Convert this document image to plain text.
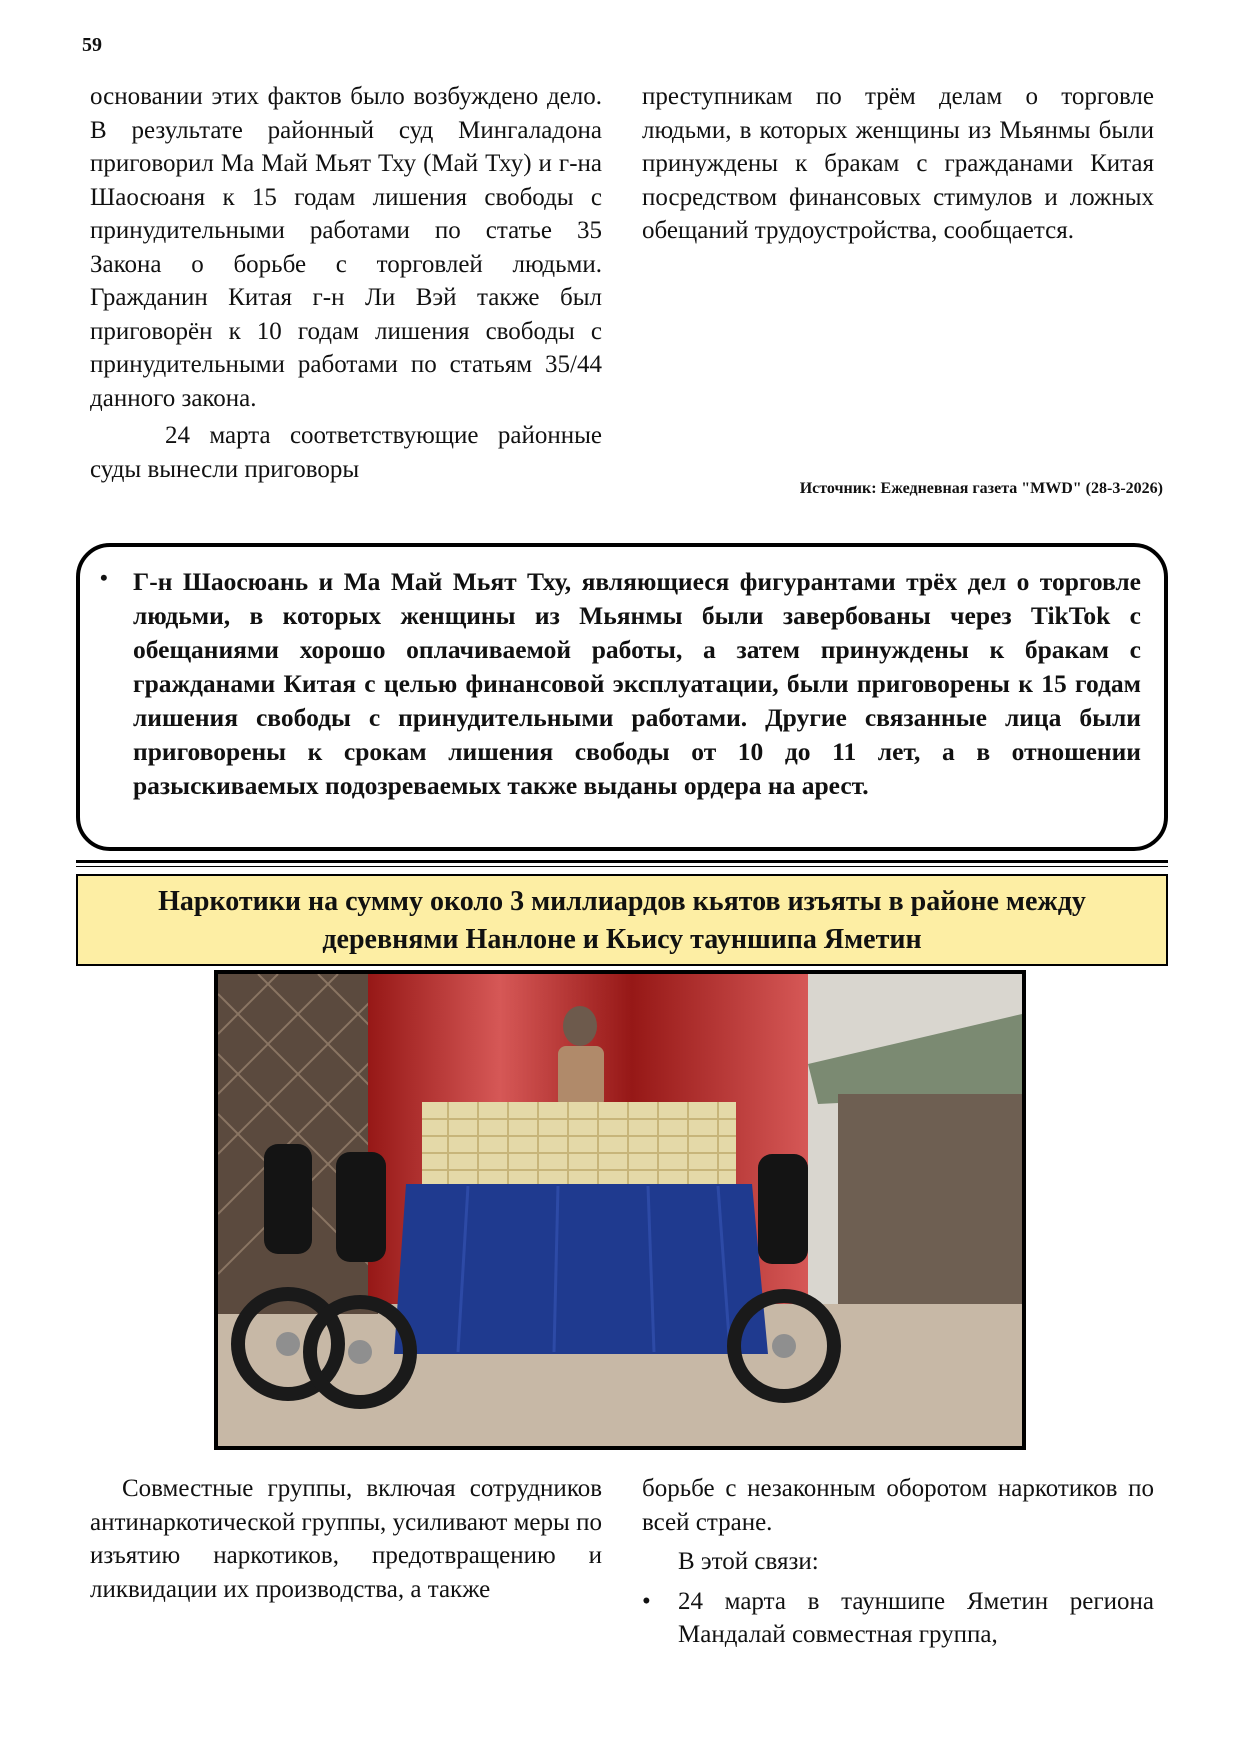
59

основании этих фактов было возбуждено дело. В результате районный суд Мингаладона приговорил Ма Май Мьят Тху (Май Тху) и г-на Шаосюаня к 15 годам лишения свободы с принудительными работами по статье 35 Закона о борьбе с торговлей людьми. Гражданин Китая г-н Ли Вэй также был приговорён к 10 годам лишения свободы с принудительными работами по статьям 35/44 данного закона.

24 марта соответствующие районные суды вынесли приговоры

преступникам по трём делам о торговле людьми, в которых женщины из Мьянмы были принуждены к бракам с гражданами Китая посредством финансовых стимулов и ложных обещаний трудоустройства, сообщается.

Источник: Ежедневная газета "MWD" (28-3-2026)
• Г-н Шаосюань и Ма Май Мьят Тху, являющиеся фигурантами трёх дел о торговле людьми, в которых женщины из Мьянмы были завербованы через TikTok с обещаниями хорошо оплачиваемой работы, а затем принуждены к бракам с гражданами Китая с целью финансовой эксплуатации, были приговорены к 15 годам лишения свободы с принудительными работами. Другие связанные лица были приговорены к срокам лишения свободы от 10 до 11 лет, а в отношении разыскиваемых подозреваемых также выданы ордера на арест.
Наркотики на сумму около 3 миллиардов кьятов изъяты в районе между
деревнями Нанлоне и Кьису тауншипа Яметин

Совместные группы, включая сотрудников антинаркотической группы, усиливают меры по изъятию наркотиков, предотвращению и ликвидации их производства, а также

борьбе с незаконным оборотом наркотиков по всей стране.

В этой связи:

• 24 марта в тауншипе Яметин региона Мандалай совместная группа,
